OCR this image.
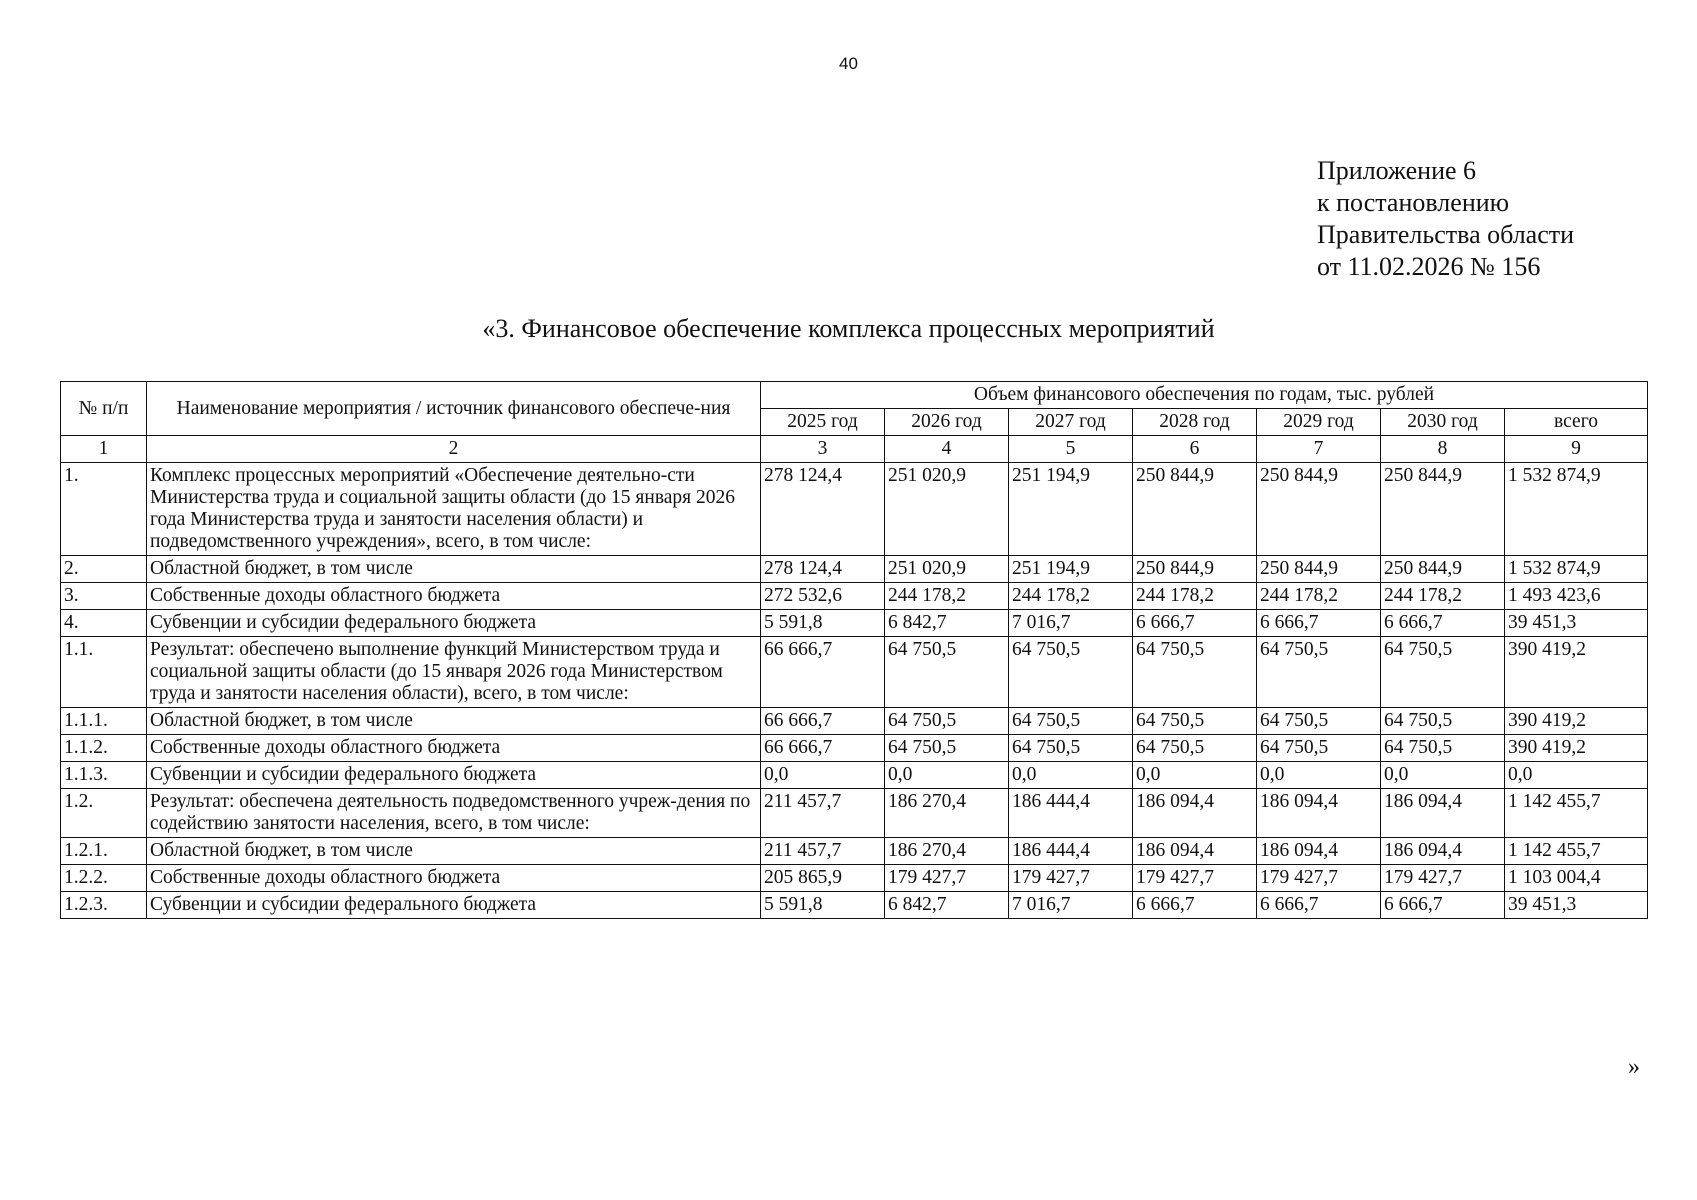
40
Приложение 6
к постановлению
Правительства области
от 11.02.2026 № 156
«3. Финансовое обеспечение комплекса процессных мероприятий
№ п/п	Наименование мероприятия / источник финансового обеспече-ния	Объем финансового обеспечения по годам, тыс. рублей						
		2025 год	2026 год	2027 год	2028 год	2029 год	2030 год	всего
1	2	3	4	5	6	7	8	9
1.	Комплекс процессных мероприятий «Обеспечение деятельно-сти Министерства труда и социальной защиты области (до 15 января 2026 года Министерства труда и занятости населения области) и подведомственного учреждения», всего, в том числе:	278 124,4	251 020,9	251 194,9	250 844,9	250 844,9	250 844,9	1 532 874,9
2.	Областной бюджет, в том числе	278 124,4	251 020,9	251 194,9	250 844,9	250 844,9	250 844,9	1 532 874,9
3.	Собственные доходы областного бюджета	272 532,6	244 178,2	244 178,2	244 178,2	244 178,2	244 178,2	1 493 423,6
4.	Субвенции и субсидии федерального бюджета	5 591,8	6 842,7	7 016,7	6 666,7	6 666,7	6 666,7	39 451,3
1.1.	Результат: обеспечено выполнение функций Министерством труда и социальной защиты области (до 15 января 2026 года Министерством труда и занятости населения области), всего, в том числе:	66 666,7	64 750,5	64 750,5	64 750,5	64 750,5	64 750,5	390 419,2
1.1.1.	Областной бюджет, в том числе	66 666,7	64 750,5	64 750,5	64 750,5	64 750,5	64 750,5	390 419,2
1.1.2.	Собственные доходы областного бюджета	66 666,7	64 750,5	64 750,5	64 750,5	64 750,5	64 750,5	390 419,2
1.1.3.	Субвенции и субсидии федерального бюджета	0,0	0,0	0,0	0,0	0,0	0,0	0,0
1.2.	Результат: обеспечена деятельность подведомственного учреж-дения по содействию занятости населения, всего, в том числе:	211 457,7	186 270,4	186 444,4	186 094,4	186 094,4	186 094,4	1 142 455,7
1.2.1.	Областной бюджет, в том числе	211 457,7	186 270,4	186 444,4	186 094,4	186 094,4	186 094,4	1 142 455,7
1.2.2.	Собственные доходы областного бюджета	205 865,9	179 427,7	179 427,7	179 427,7	179 427,7	179 427,7	1 103 004,4
1.2.3.	Субвенции и субсидии федерального бюджета	5 591,8	6 842,7	7 016,7	6 666,7	6 666,7	6 666,7	39 451,3
»
